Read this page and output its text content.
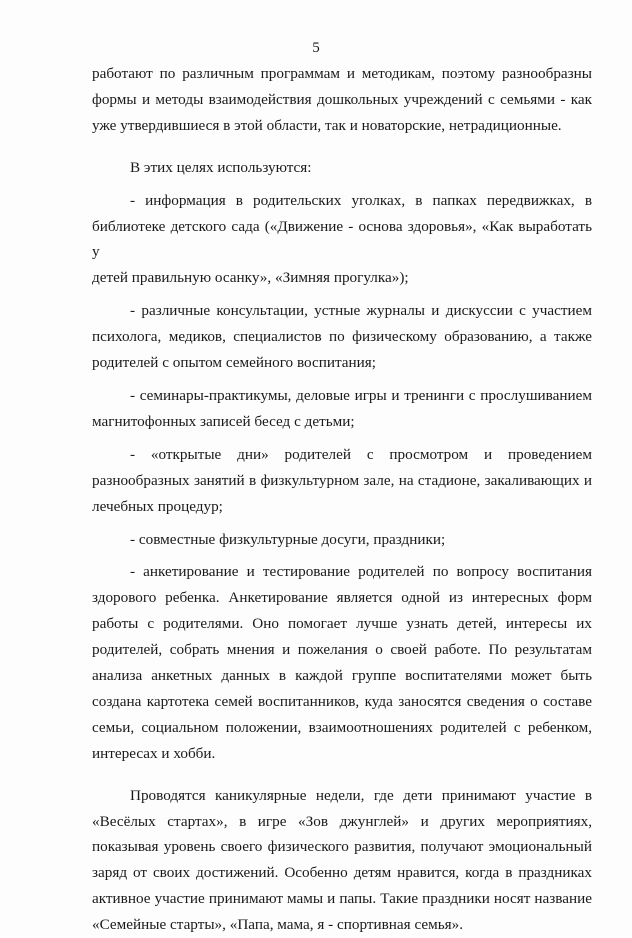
5
работают по различным программам и методикам, поэтому разнообразны
формы и методы взаимодействия дошкольных учреждений с семьями - как
уже утвердившиеся в этой области, так и новаторские, нетрадиционные.
В этих целях используются:
- информация в родительских уголках, в папках передвижках, в
библиотеке детского сада («Движение - основа здоровья», «Как выработать у
детей правильную осанку», «Зимняя прогулка»);
- различные консультации, устные журналы и дискуссии с участием
психолога, медиков, специалистов по физическому образованию, а также
родителей с опытом семейного воспитания;
- семинары-практикумы, деловые игры и тренинги с прослушиванием
магнитофонных записей бесед с детьми;
- «открытые дни» родителей с просмотром и проведением
разнообразных занятий в физкультурном зале, на стадионе, закаливающих и
лечебных процедур;
- совместные физкультурные досуги, праздники;
- анкетирование и тестирование родителей по вопросу воспитания
здорового ребенка. Анкетирование является одной из интересных форм
работы с родителями. Оно помогает лучше узнать детей, интересы их
родителей, собрать мнения и пожелания о своей работе. По результатам
анализа анкетных данных в каждой группе воспитателями может быть
создана картотека семей воспитанников, куда заносятся сведения о составе
семьи, социальном положении, взаимоотношениях родителей с ребенком,
интересах и хобби.
Проводятся каникулярные недели, где дети принимают участие в
«Весёлых стартах», в игре «Зов джунглей» и других мероприятиях,
показывая уровень своего физического развития, получают эмоциональный
заряд от своих достижений. Особенно детям нравится, когда в праздниках
активное участие принимают мамы и папы. Такие праздники носят название
«Семейные старты», «Папа, мама, я - спортивная семья».
